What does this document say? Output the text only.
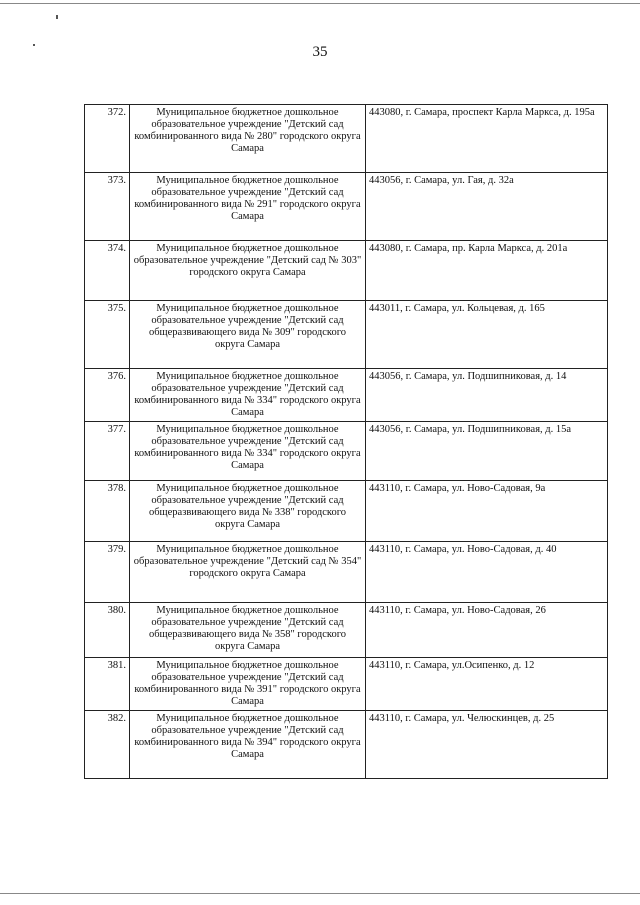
35
372.	Муниципальное бюджетное дошкольное образовательное учреждение "Детский сад комбинированного вида № 280" городского округа Самара	443080, г. Самара, проспект Карла Маркса, д. 195а
373.	Муниципальное бюджетное дошкольное образовательное учреждение "Детский сад комбинированного вида № 291" городского округа Самара	443056, г. Самара, ул. Гая, д. 32а
374.	Муниципальное бюджетное дошкольное образовательное учреждение "Детский сад № 303" городского округа Самара	443080, г. Самара, пр. Карла Маркса, д. 201а
375.	Муниципальное бюджетное дошкольное образовательное учреждение "Детский сад общеразвивающего вида № 309" городского округа Самара	443011, г. Самара, ул. Кольцевая, д. 165
376.	Муниципальное бюджетное дошкольное образовательное учреждение "Детский сад комбинированного вида № 334" городского округа Самара	443056, г. Самара, ул. Подшипниковая, д. 14
377.	Муниципальное бюджетное дошкольное образовательное учреждение "Детский сад комбинированного вида № 334" городского округа Самара	443056, г. Самара, ул. Подшипниковая, д. 15а
378.	Муниципальное бюджетное дошкольное образовательное учреждение "Детский сад общеразвивающего вида № 338" городского округа Самара	443110, г. Самара, ул. Ново-Садовая, 9а
379.	Муниципальное бюджетное дошкольное образовательное учреждение "Детский сад № 354" городского округа Самара	443110, г. Самара, ул. Ново-Садовая, д. 40
380.	Муниципальное бюджетное дошкольное образовательное учреждение "Детский сад общеразвивающего вида № 358" городского округа Самара	443110, г. Самара, ул. Ново-Садовая, 26
381.	Муниципальное бюджетное дошкольное образовательное учреждение "Детский сад комбинированного вида № 391" городского округа Самара	443110, г. Самара, ул.Осипенко, д. 12
382.	Муниципальное бюджетное дошкольное образовательное учреждение "Детский сад комбинированного вида № 394" городского округа Самара	443110, г. Самара, ул. Челюскинцев, д. 25
